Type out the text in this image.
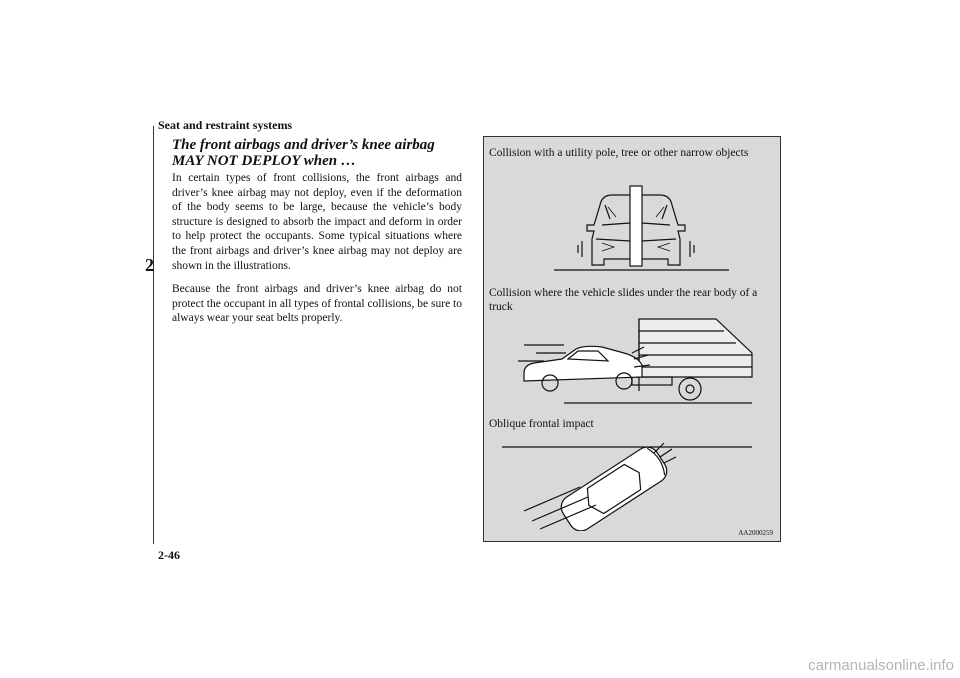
Seat and restraint systems
2
The front airbags and driver’s knee airbag MAY NOT DEPLOY when …

In certain types of front collisions, the front airbags and driver’s knee airbag may not deploy, even if the deformation of the body seems to be large, because the vehicle’s body structure is designed to absorb the impact and deform in order to help protect the occupants. Some typical situations where the front airbags and driver’s knee airbag may not deploy are shown in the illustrations.

Because the front airbags and driver’s knee airbag do not protect the occupant in all types of frontal collisions, be sure to always wear your seat belts properly.

Collision with a utility pole, tree or other narrow objects
Collision where the vehicle slides under the rear body of a truck
Oblique frontal impact
AA2000259
2-46
carmanualsonline.info
